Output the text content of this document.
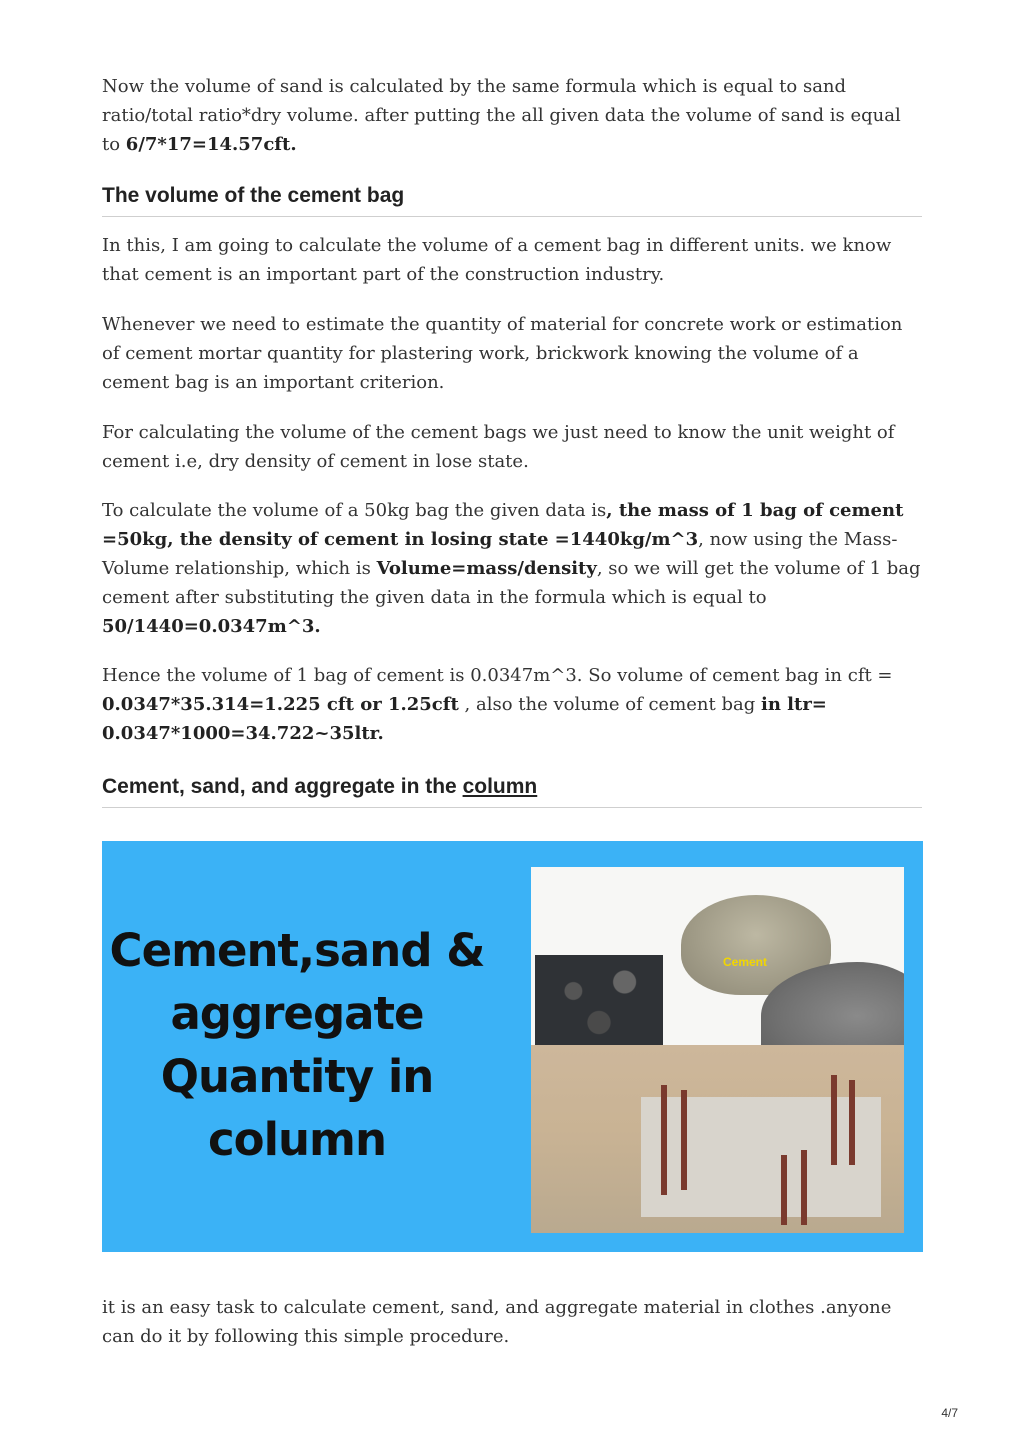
Now the volume of sand is calculated by the same formula which is equal to sand ratio/total ratio*dry volume. after putting the all given data the volume of sand is equal to 6/7*17=14.57cft.

The volume of the cement bag

In this, I am going to calculate the volume of a cement bag in different units. we know that cement is an important part of the construction industry.

Whenever we need to estimate the quantity of material for concrete work or estimation of cement mortar quantity for plastering work, brickwork knowing the volume of a cement bag is an important criterion.

For calculating the volume of the cement bags we just need to know the unit weight of cement i.e, dry density of cement in lose state.

To calculate the volume of a 50kg bag the given data is, the mass of 1 bag of cement =50kg, the density of cement in losing state =1440kg/m^3, now using the Mass-Volume relationship, which is Volume=mass/density, so we will get the volume of 1 bag cement after substituting the given data in the formula which is equal to 50/1440=0.0347m^3.

Hence the volume of 1 bag of cement is 0.0347m^3. So volume of cement bag in cft = 0.0347*35.314=1.225 cft or 1.25cft , also the volume of cement bag in ltr= 0.0347*1000=34.722~35ltr.

Cement, sand, and aggregate in the column
Cement,sand & aggregate Quantity in column
Cement

it is an easy task to calculate cement, sand, and aggregate material in clothes .anyone can do it by following this simple procedure.

4/7
